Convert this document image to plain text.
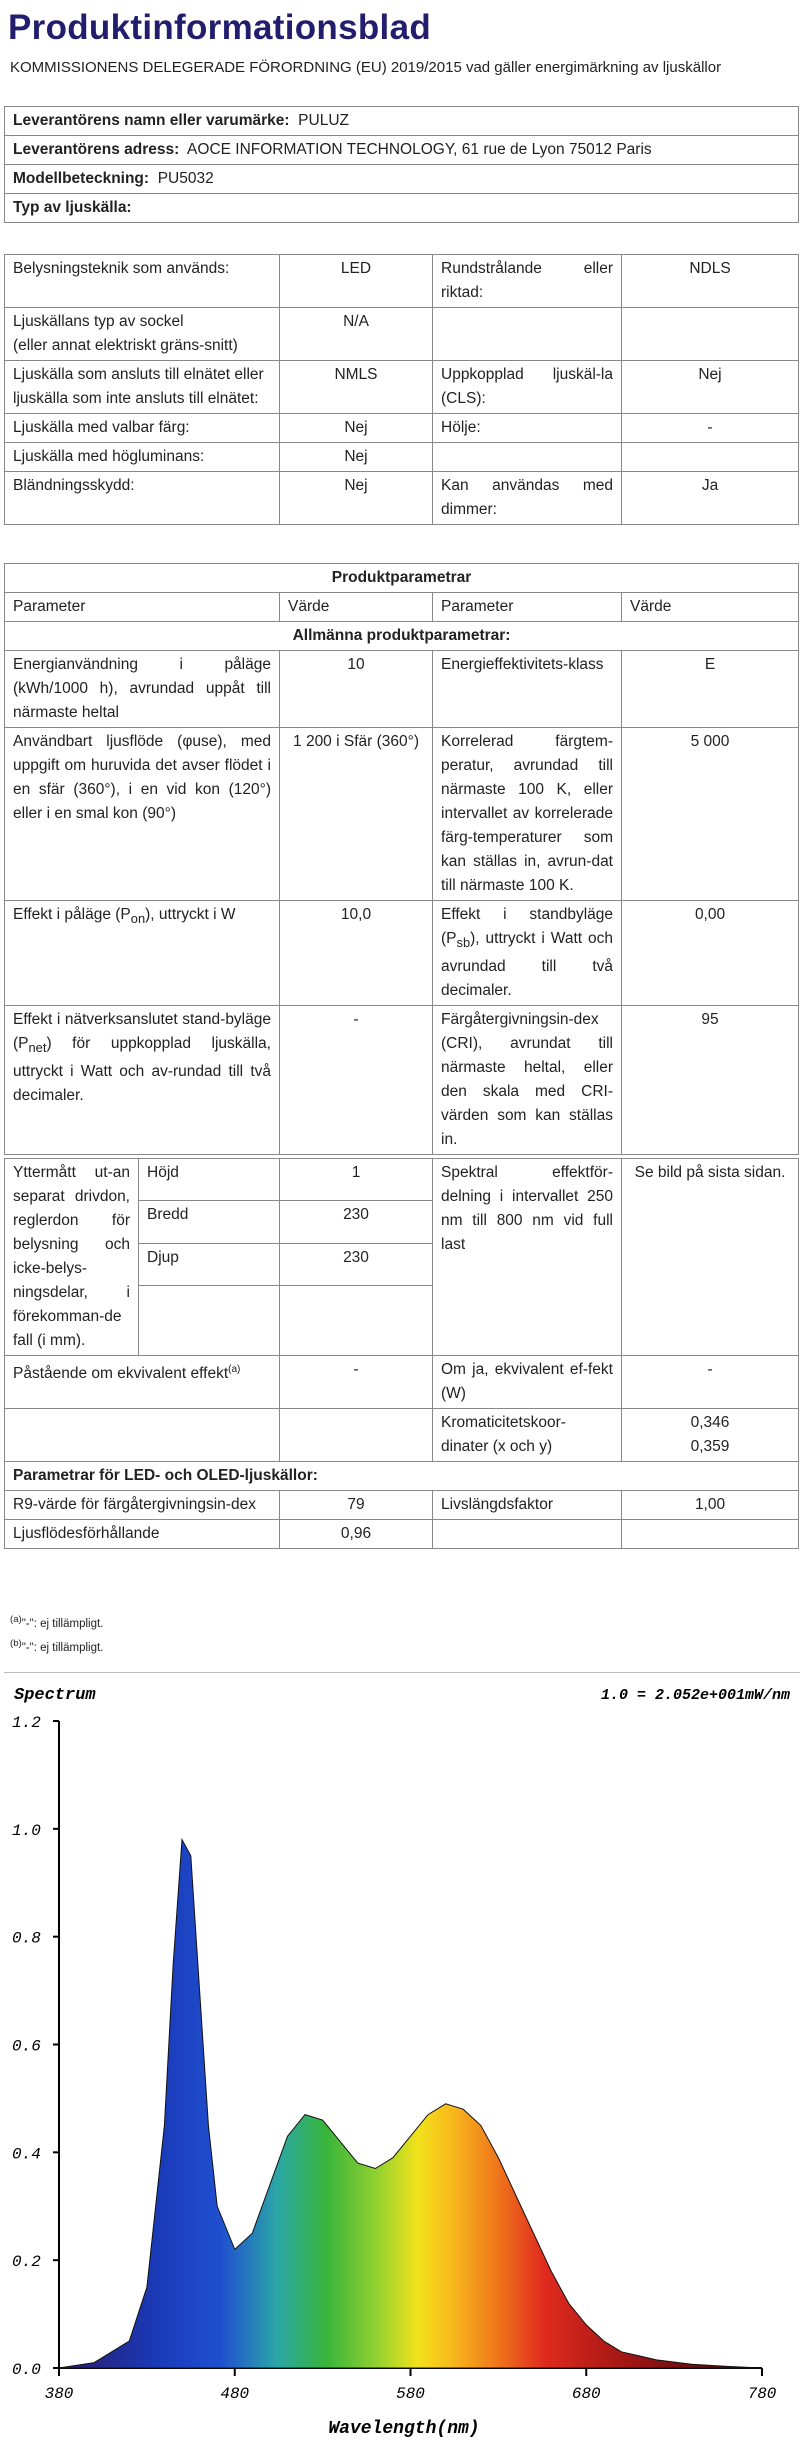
Produktinformationsblad
KOMMISSIONENS DELEGERADE FÖRORDNING (EU) 2019/2015 vad gäller energimärkning av ljuskällor
Leverantörens namn eller varumärke: PULUZ
Leverantörens adress: AOCE INFORMATION TECHNOLOGY, 61 rue de Lyon 75012 Paris
Modellbeteckning: PU5032
Typ av ljuskälla:
Belysningsteknik som används:	LED	Rundstrålande eller riktad:	NDLS
Ljuskällans typ av sockel
(eller annat elektriskt gräns-snitt)	N/A		
Ljuskälla som ansluts till elnätet eller ljuskälla som inte ansluts till elnätet:	NMLS	Uppkopplad ljuskäl-la (CLS):	Nej
Ljuskälla med valbar färg:	Nej	Hölje:	-
Ljuskälla med högluminans:	Nej		
Bländningsskydd:	Nej	Kan användas med dimmer:	Ja
Produktparametrar				
Parameter		Värde	Parameter	Värde
Allmänna produktparametrar:				
Energianvändning i påläge (kWh/1000 h), avrundad uppåt till närmaste heltal		10	Energieffektivitets-klass	E
Användbart ljusflöde (φuse), med uppgift om huruvida det avser flödet i en sfär (360°), i en vid kon (120°) eller i en smal kon (90°)		1 200 i Sfär (360°)	Korrelerad färgtem-peratur, avrundad till närmaste 100 K, eller intervallet av korrelerade färg-temperaturer som kan ställas in, avrun-dat till närmaste 100 K.	5 000
Effekt i påläge $(P_{on})$, uttryckt i W		10,0	Effekt i standbyläge $(P_{sb})$, uttryckt i Watt och avrundad till två decimaler.	0,00
Effekt i nätverksanslutet stand-byläge $(P_{net})$ för uppkopplad ljuskälla, uttryckt i Watt och av-rundad till två decimaler.		-	Färgåtergivningsin-dex (CRI), avrundat till närmaste heltal, eller den skala med CRI-värden som kan ställas in.	95

Yttermått ut-an separat drivdon, reglerdon för belysning och icke-belys-ningsdelar, i förekomman-de fall (i mm).	Höjd	1	Spektral effektför-delning i intervallet 250 nm till 800 nm vid full last	Se bild på sista sidan.
	Bredd	230		
	Djup	230		

Påstående om ekvivalent effekt$^{(a)}$		-	Om ja, ekvivalent ef-fekt (W)	-
			Kromaticitetskoor-dinater (x och y)	0,346
0,359
Parametrar för LED- och OLED-ljuskällor:				
R9-värde för färgåtergivningsin-dex		79	Livslängdsfaktor	1,00
Ljusflödesförhållande		0,96		
$^{(a)}$"-": ej tillämpligt.
$^{(b)}$"-": ej tillämpligt.
Spectrum	1.0 = 2.052e+001mW/nm
380	480	580	680	780
0.0
0.2
0.4
0.6
0.8
1.0
1.2
Wavelength(nm)
